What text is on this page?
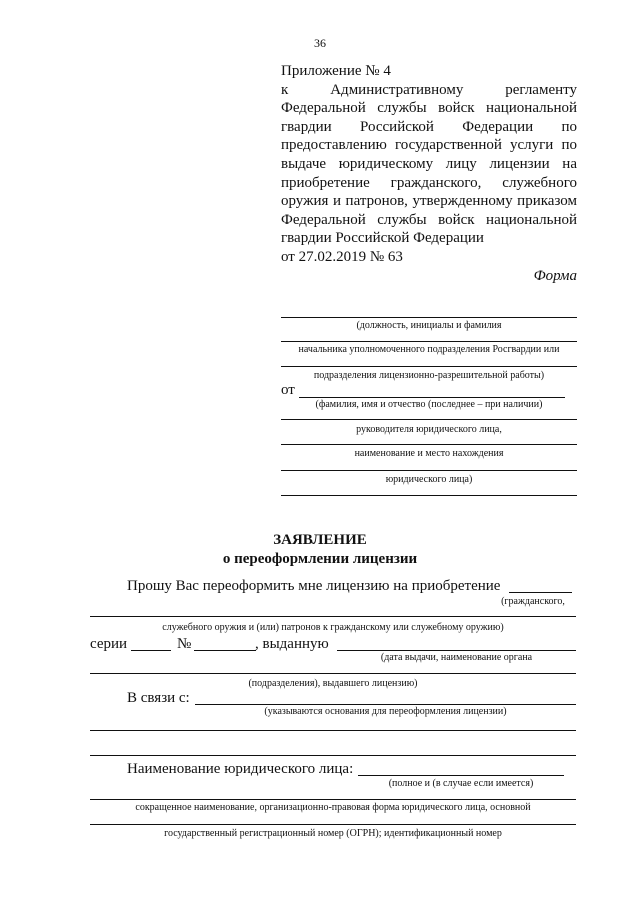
36
Приложение № 4
к Административному регламенту
Федеральной службы войск национальной
гвардии Российской Федерации по
предоставлению государственной услуги по
выдаче юридическому лицу лицензии на
приобретение гражданского, служебного
оружия и патронов, утвержденному приказом
Федеральной службы войск национальной
гвардии Российской Федерации
от 27.02.2019 № 63
Форма
(должность, инициалы и фамилия
начальника уполномоченного подразделения Росгвардии или
подразделения лицензионно-разрешительной работы)
от
(фамилия, имя и отчество (последнее – при наличии)
руководителя юридического лица,
наименование и место нахождения
юридического лица)
ЗАЯВЛЕНИЕ
о переоформлении лицензии
Прошу Вас переоформить мне лицензию на приобретение
(гражданского,
служебного оружия и (или) патронов к гражданскому или служебному оружию)
серии	№	, выданную
(дата выдачи, наименование органа
(подразделения), выдавшего лицензию)
В связи с:
(указываются основания для переоформления лицензии)
Наименование юридического лица:
(полное и (в случае если имеется)
сокращенное наименование, организационно-правовая форма юридического лица, основной
государственный регистрационный номер (ОГРН); идентификационный номер
